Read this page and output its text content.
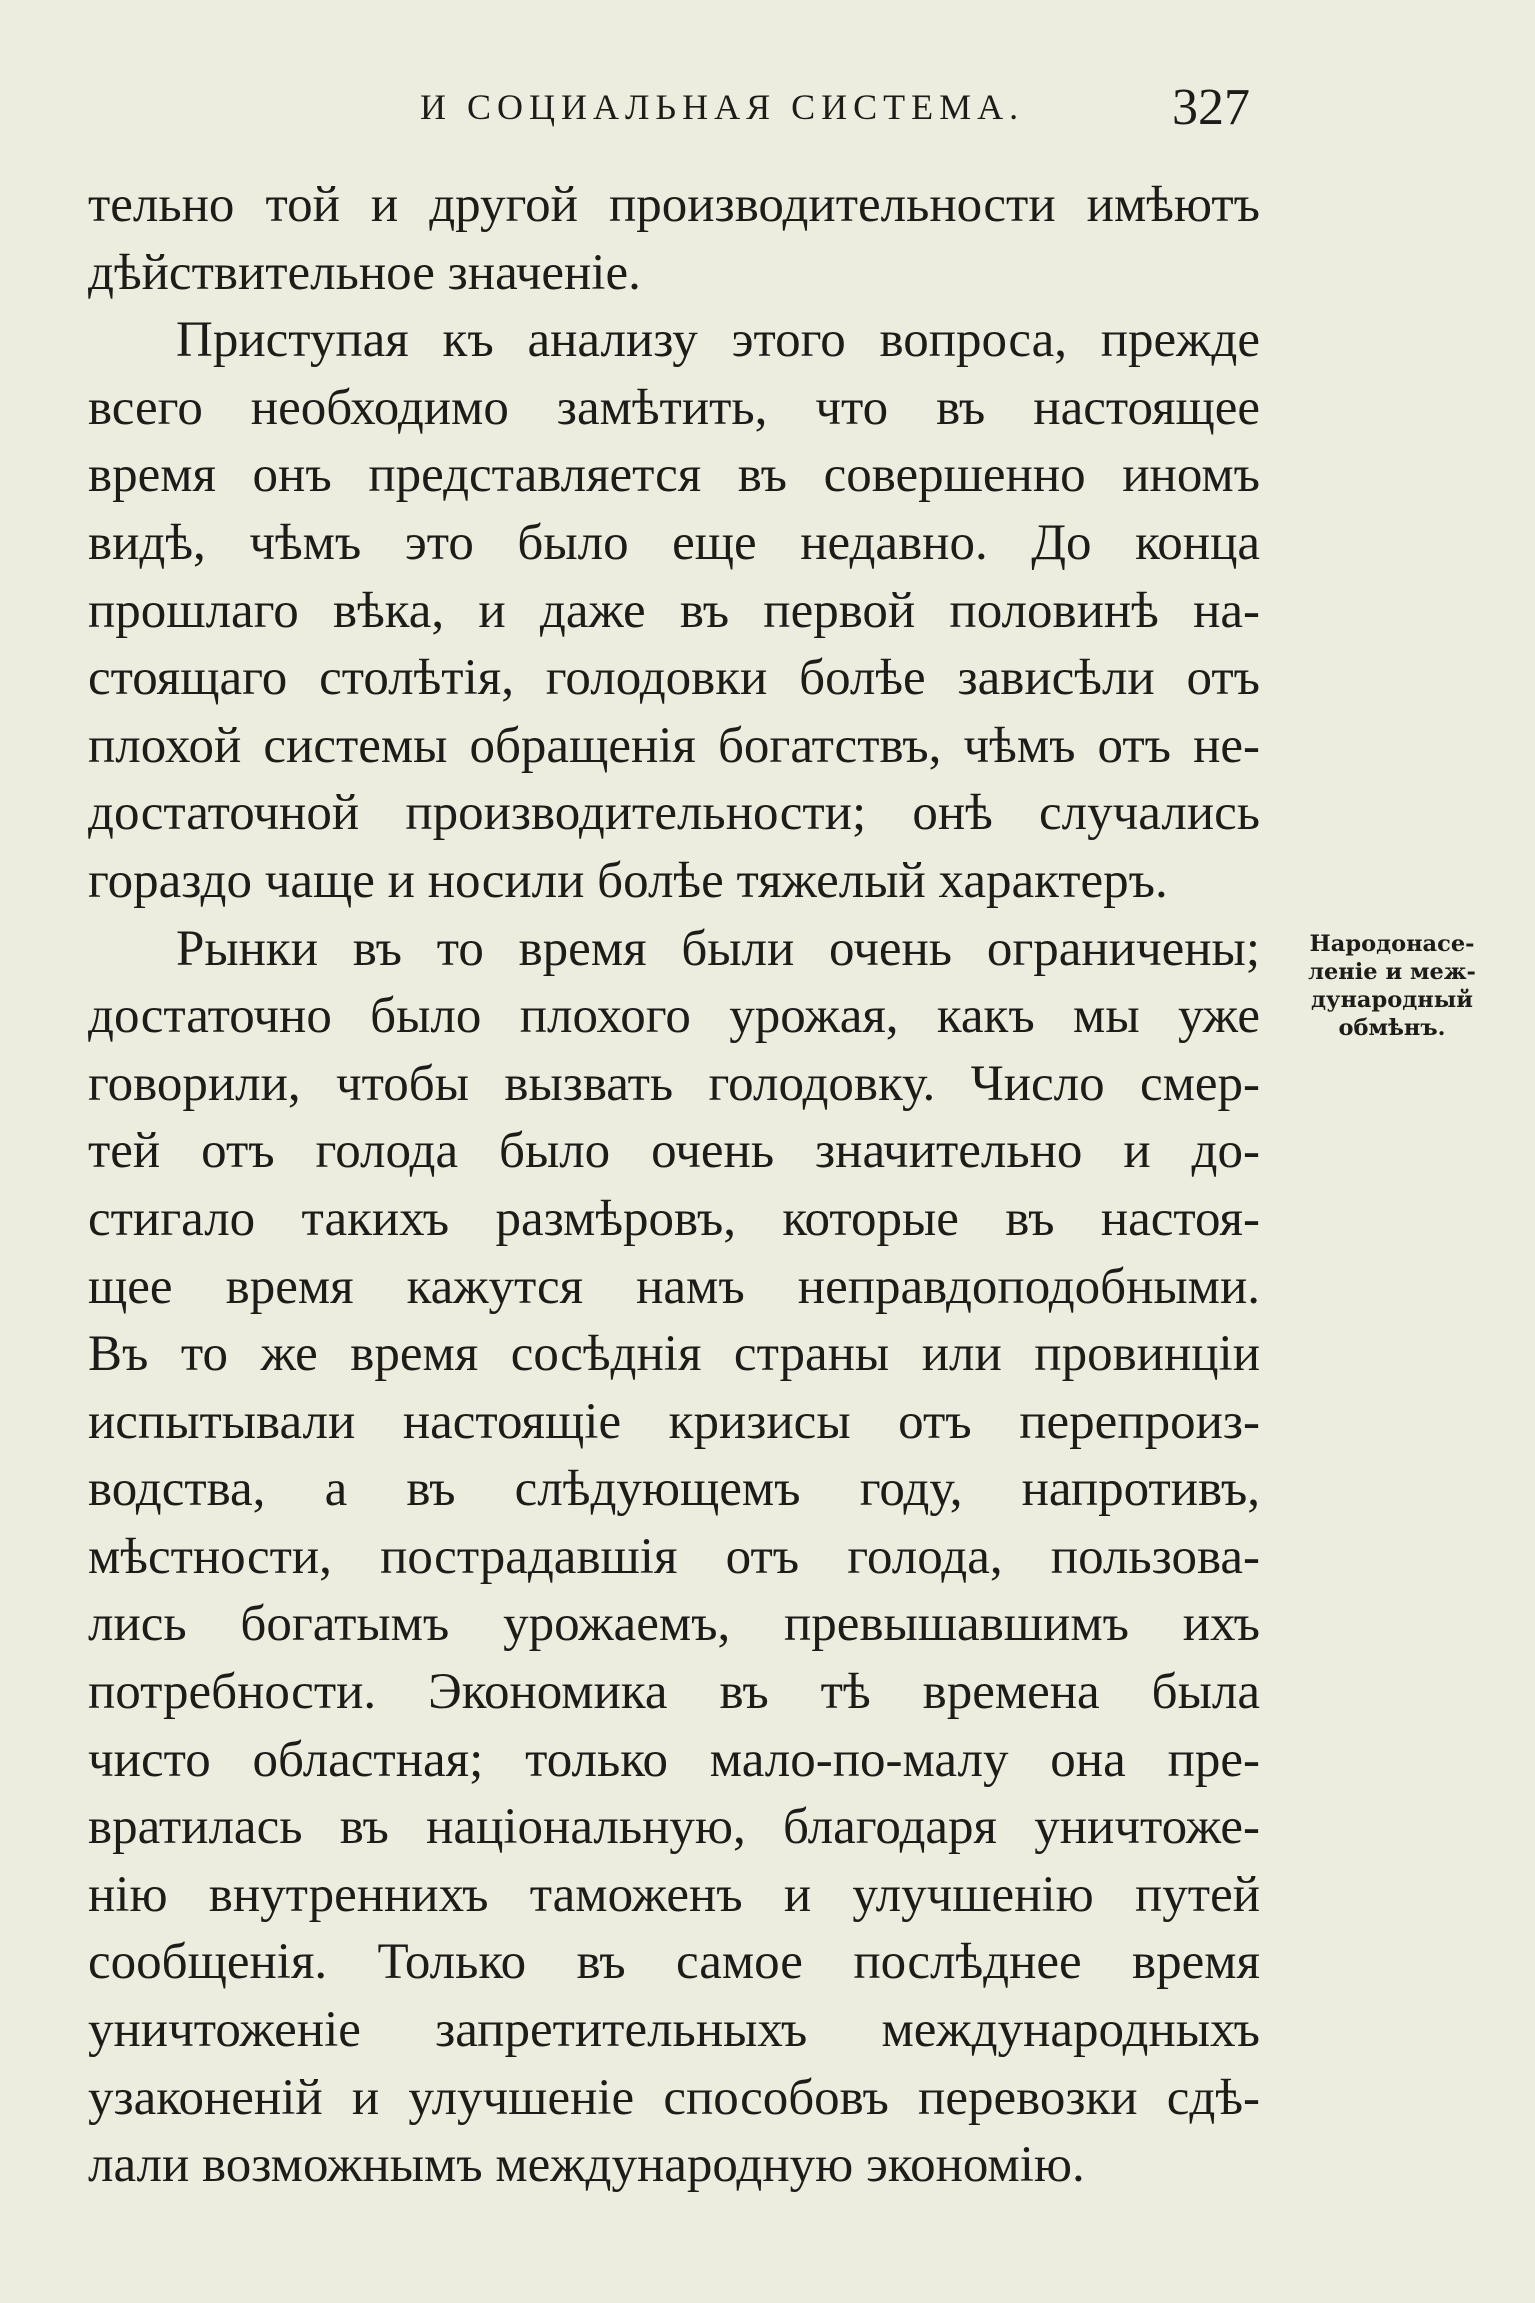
И СОЦИАЛЬНАЯ СИСТЕМА.	327
тельно той и другой производительности имѣютъ
дѣйствительное значеніе.
Приступая къ анализу этого вопроса, прежде
всего необходимо замѣтить, что въ настоящее
время онъ представляется въ совершенно иномъ
видѣ, чѣмъ это было еще недавно. До конца
прошлаго вѣка, и даже въ первой половинѣ на-
стоящаго столѣтія, голодовки болѣе зависѣли отъ
плохой системы обращенія богатствъ, чѣмъ отъ не-
достаточной производительности; онѣ случались
гораздо чаще и носили болѣе тяжелый характеръ.
Рынки въ то время были очень ограничены;
достаточно было плохого урожая, какъ мы уже
говорили, чтобы вызвать голодовку. Число смер-
тей отъ голода было очень значительно и до-
стигало такихъ размѣровъ, которые въ настоя-
щее время кажутся намъ неправдоподобными.
Въ то же время сосѣднія страны или провинціи
испытывали настоящіе кризисы отъ перепроиз-
водства, а въ слѣдующемъ году, напротивъ,
мѣстности, пострадавшія отъ голода, пользова-
лись богатымъ урожаемъ, превышавшимъ ихъ
потребности. Экономика въ тѣ времена была
чисто областная; только мало-по-малу она пре-
вратилась въ національную, благодаря уничтоже-
нію внутреннихъ таможенъ и улучшенію путей
сообщенія. Только въ самое послѣднее время
уничтоженіе запретительныхъ международныхъ
узаконеній и улучшеніе способовъ перевозки сдѣ-
лали возможнымъ международную экономію.
Народонасе-
леніе и меж-
дународный
обмѣнъ.
